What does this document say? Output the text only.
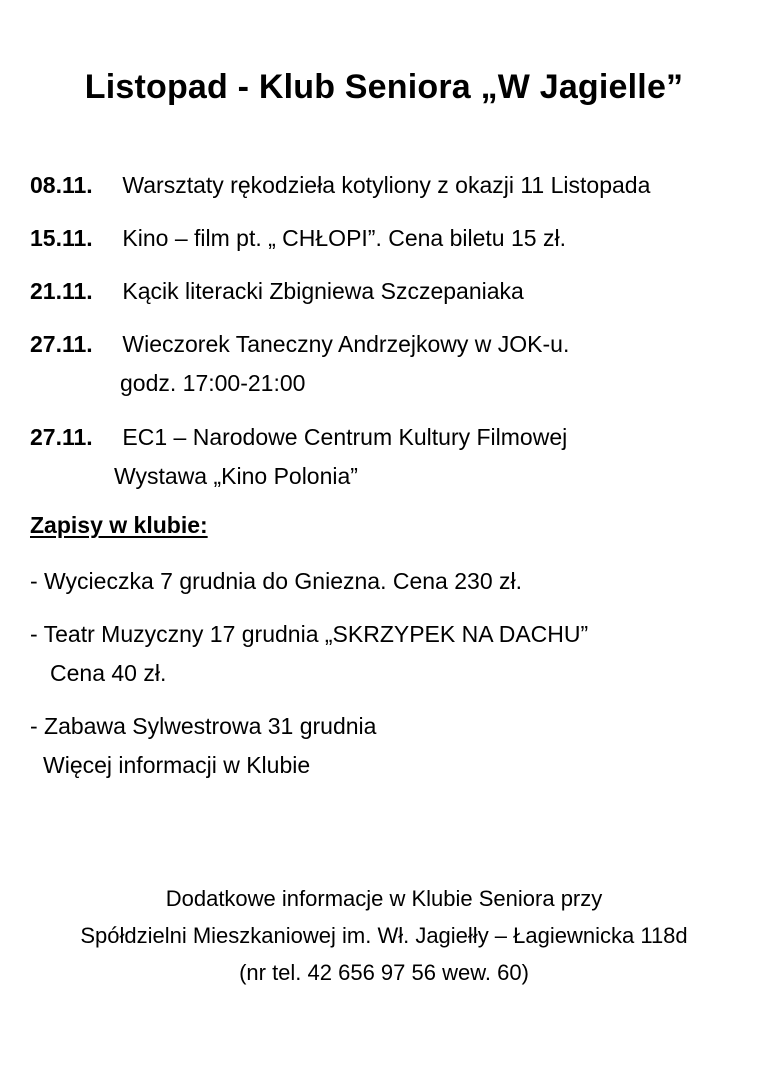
Listopad - Klub Seniora „W Jagielle”
08.11. Warsztaty rękodzieła kotyliony z okazji 11 Listopada
15.11. Kino – film pt. „ CHŁOPI”. Cena biletu 15 zł.
21.11. Kącik literacki Zbigniewa Szczepaniaka
27.11. Wieczorek Taneczny Andrzejkowy w JOK-u.
godz. 17:00-21:00
27.11. EC1 – Narodowe Centrum Kultury Filmowej
Wystawa „Kino Polonia”
Zapisy w klubie:
- Wycieczka 7 grudnia do Gniezna. Cena 230 zł.
- Teatr Muzyczny 17 grudnia „SKRZYPEK NA DACHU”
Cena 40 zł.
- Zabawa Sylwestrowa 31 grudnia
Więcej informacji w Klubie
Dodatkowe informacje w Klubie Seniora przy
Spółdzielni Mieszkaniowej im. Wł. Jagiełły – Łagiewnicka 118d
(nr tel. 42 656 97 56 wew. 60)
